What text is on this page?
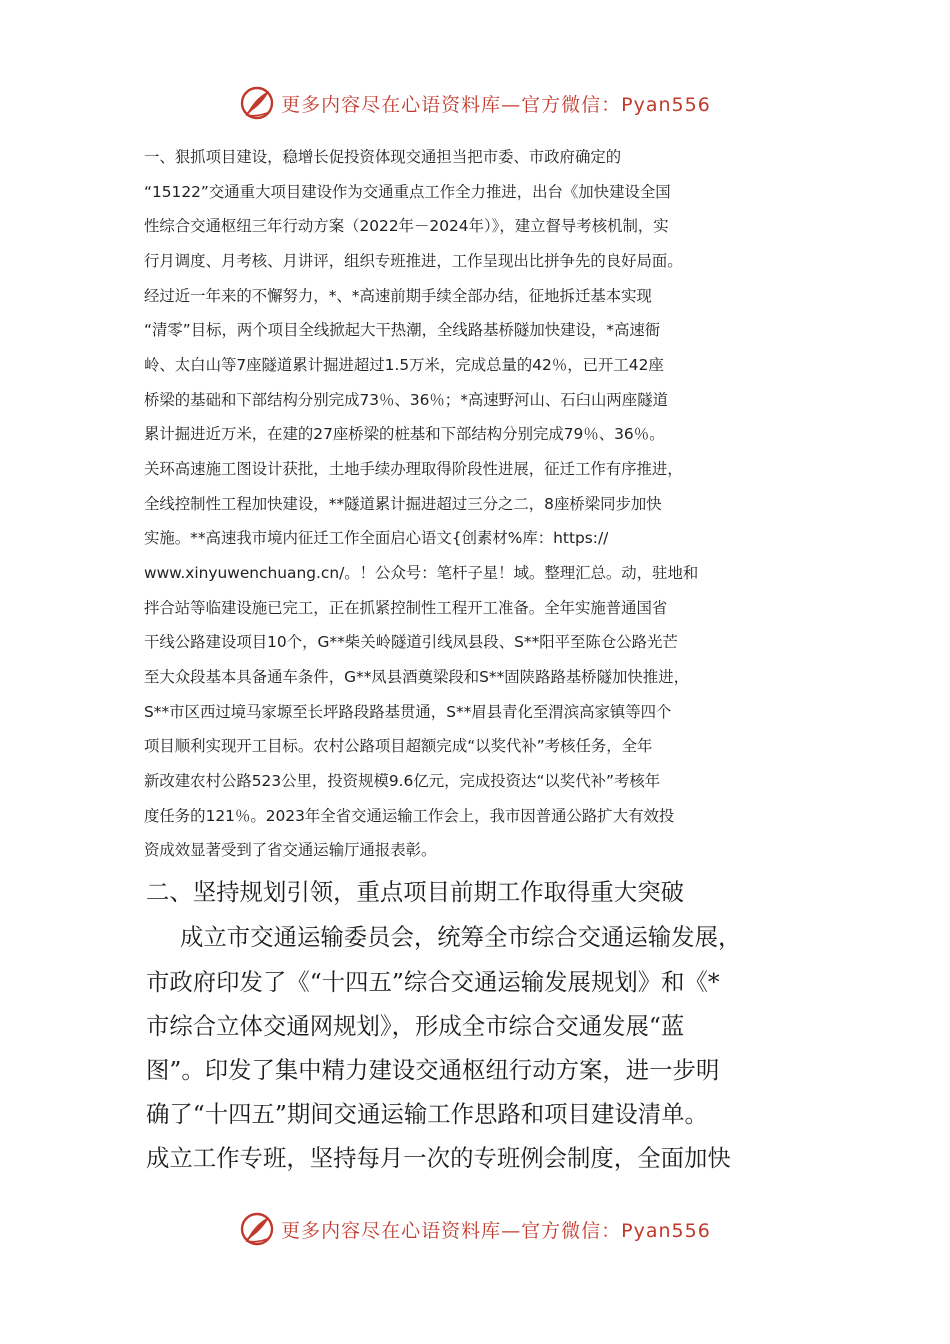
更多内容尽在心语资料库—官方微信：Pyan556
一、狠抓项目建设，稳增长促投资体现交通担当把市委、市政府确定的
“15122”交通重大项目建设作为交通重点工作全力推进，出台《加快建设全国
性综合交通枢纽三年行动方案（2022年－2024年）》，建立督导考核机制，实
行月调度、月考核、月讲评，组织专班推进，工作呈现出比拼争先的良好局面。
经过近一年来的不懈努力，*、*高速前期手续全部办结，征地拆迁基本实现
“清零”目标，两个项目全线掀起大干热潮，全线路基桥隧加快建设，*高速衙
岭、太白山等7座隧道累计掘进超过1.5万米，完成总量的42％，已开工42座
桥梁的基础和下部结构分别完成73％、36％；*高速野河山、石臼山两座隧道
累计掘进近万米，在建的27座桥梁的桩基和下部结构分别完成79％、36％。
关环高速施工图设计获批，土地手续办理取得阶段性进展，征迁工作有序推进，
全线控制性工程加快建设，**隧道累计掘进超过三分之二，8座桥梁同步加快
实施。**高速我市境内征迁工作全面启心语文{创素材%库：https://
www.xinyuwenchuang.cn/。！公众号：笔杆子星！域。整理汇总。动，驻地和
拌合站等临建设施已完工，正在抓紧控制性工程开工准备。全年实施普通国省
干线公路建设项目10个，G**柴关岭隧道引线凤县段、S**阳平至陈仓公路光芒
至大众段基本具备通车条件，G**凤县酒奠梁段和S**固陕路路基桥隧加快推进，
S**市区西过境马家塬至长坪路段路基贯通，S**眉县青化至渭滨高家镇等四个
项目顺利实现开工目标。农村公路项目超额完成“以奖代补”考核任务，全年
新改建农村公路523公里，投资规模9.6亿元，完成投资达“以奖代补”考核年
度任务的121％。2023年全省交通运输工作会上，我市因普通公路扩大有效投
资成效显著受到了省交通运输厅通报表彰。
二、坚持规划引领，重点项目前期工作取得重大突破
成立市交通运输委员会，统筹全市综合交通运输发展，
市政府印发了《“十四五”综合交通运输发展规划》和《*
市综合立体交通网规划》，形成全市综合交通发展“蓝
图”。印发了集中精力建设交通枢纽行动方案，进一步明
确了“十四五”期间交通运输工作思路和项目建设清单。
成立工作专班，坚持每月一次的专班例会制度，全面加快
更多内容尽在心语资料库—官方微信：Pyan556
